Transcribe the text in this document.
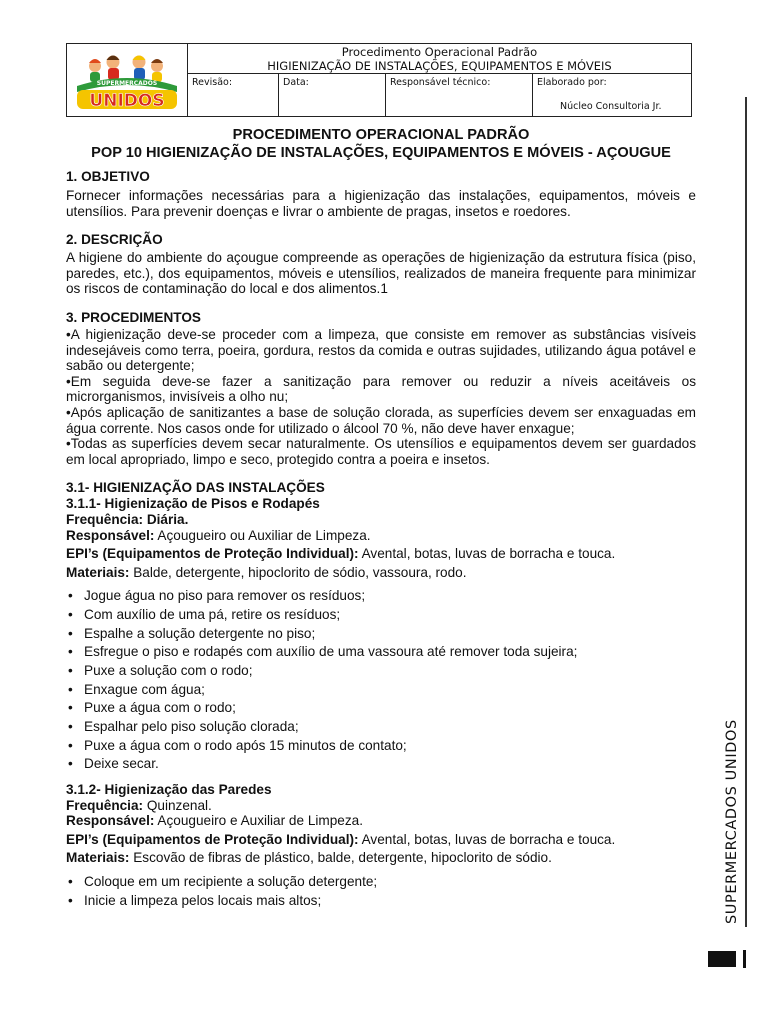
SUPERMERCADOS
UNIDOS
Procedimento Operacional Padrão
HIGIENIZAÇÃO DE INSTALAÇÕES, EQUIPAMENTOS E MÓVEIS
Revisão:	Data:	Responsável técnico:	Elaborado por:
Núcleo Consultoria Jr.
PROCEDIMENTO OPERACIONAL PADRÃO
POP 10 HIGIENIZAÇÃO DE INSTALAÇÕES, EQUIPAMENTOS E MÓVEIS - AÇOUGUE
1. OBJETIVO

Fornecer informações necessárias para a higienização das instalações, equipamentos, móveis e utensílios. Para prevenir doenças e livrar o ambiente de pragas, insetos e roedores.

2. DESCRIÇÃO

A higiene do ambiente do açougue compreende as operações de higienização da estrutura física (piso, paredes, etc.), dos equipamentos, móveis e utensílios, realizados de maneira frequente para minimizar os riscos de contaminação do local e dos alimentos.1

3. PROCEDIMENTOS

•A higienização deve-se proceder com a limpeza, que consiste em remover as substâncias visíveis indesejáveis como terra, poeira, gordura, restos da comida e outras sujidades, utilizando água potável e sabão ou detergente;

•Em seguida deve-se fazer a sanitização para remover ou reduzir a níveis aceitáveis os microrganismos, invisíveis a olho nu;

•Após aplicação de sanitizantes a base de solução clorada, as superfícies devem ser enxaguadas em água corrente. Nos casos onde for utilizado o álcool 70 %, não deve haver enxague;

•Todas as superfícies devem secar naturalmente. Os utensílios e equipamentos devem ser guardados em local apropriado, limpo e seco, protegido contra a poeira e insetos.

3.1- HIGIENIZAÇÃO DAS INSTALAÇÕES
3.1.1- Higienização de Pisos e Rodapés
Frequência: Diária.
Responsável: Açougueiro ou Auxiliar de Limpeza.
EPI’s (Equipamentos de Proteção Individual): Avental, botas, luvas de borracha e touca.
Materiais: Balde, detergente, hipoclorito de sódio, vassoura, rodo.
• Jogue água no piso para remover os resíduos;
• Com auxílio de uma pá, retire os resíduos;
• Espalhe a solução detergente no piso;
• Esfregue o piso e rodapés com auxílio de uma vassoura até remover toda sujeira;
• Puxe a solução com o rodo;
• Enxague com água;
• Puxe a água com o rodo;
• Espalhar pelo piso solução clorada;
• Puxe a água com o rodo após 15 minutos de contato;
• Deixe secar.
3.1.2- Higienização das Paredes
Frequência: Quinzenal.
Responsável: Açougueiro e Auxiliar de Limpeza.
EPI’s (Equipamentos de Proteção Individual): Avental, botas, luvas de borracha e touca.
Materiais: Escovão de fibras de plástico, balde, detergente, hipoclorito de sódio.
• Coloque em um recipiente a solução detergente;
• Inicie a limpeza pelos locais mais altos;	SUPERMERCADOS UNIDOS
